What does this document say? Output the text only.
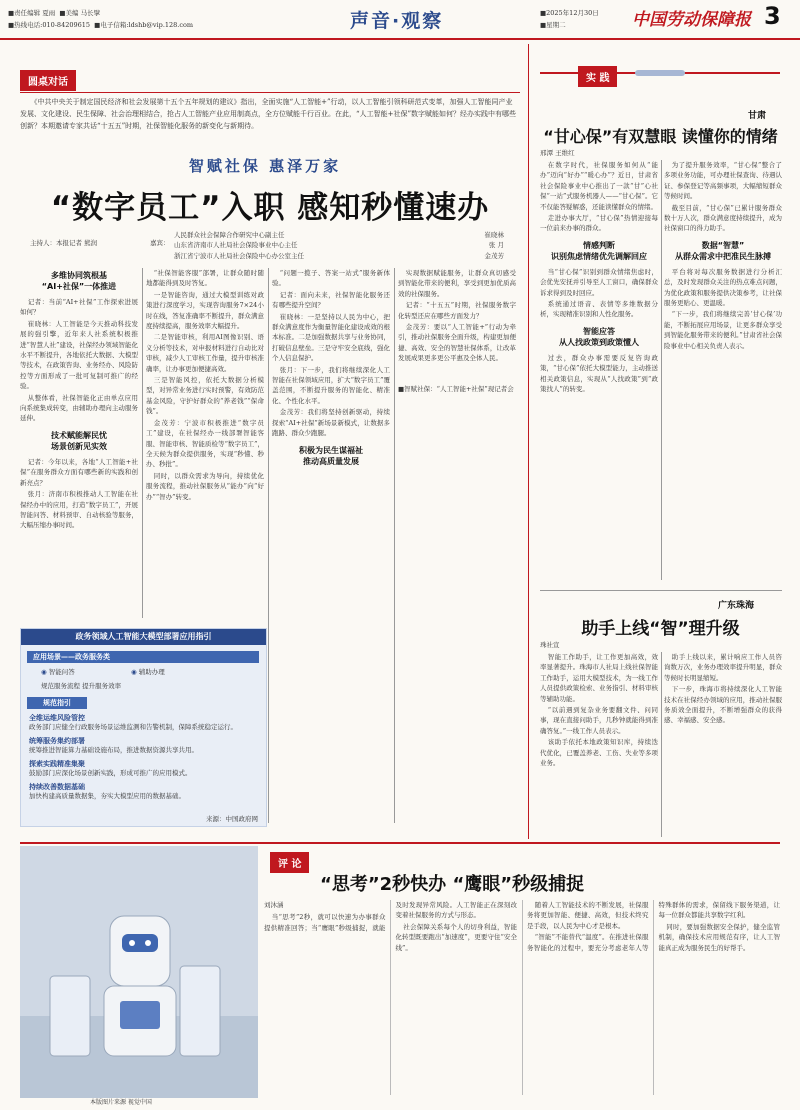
■责任编辑 夏雨 ■美编 马长擘
■热线电话:010-84209615 ■电子信箱:ldshb@vip.128.com	声音·观察	■2025年12月30日
■星期二	中国劳动保障报 3
圆桌对话
《中共中央关于制定国民经济和社会发展第十五个五年规划的建议》指出，全面实施“人工智能+”行动，以人工智能引领科研范式变革，加强人工智能同产业发展、文化建设、民生保障、社会治理相结合，抢占人工智能产业应用制高点，全方位赋能千行百业。在此，“人工智能+社保”数字赋能如何？经办实践中有哪些创新？本期邀请专家共话“十五五”时期，社保智能化服务的新变化与新期待。
智赋社保 惠泽万家
“数字员工”入职 感知秒懂速办
主持人：本报记者 熊润	嘉宾：
人民群众社会保障合作研究中心副主任	崔晓林
山东省济南市人社局社会保险事业中心主任	张 月
浙江省宁波市人社局社会保险中心办公室主任	金茂芳
多维协同筑根基
“AI+社保”一体推进

记者：当前“AI+社保”工作探索进展如何？

崔晓林：人工智能是今天推动科技发展的强引擎，近年来人社系统积极推进“智慧人社”建设，社保经办领域智能化水平不断提升，各地依托大数据、大模型等技术，在政策咨询、业务经办、风险防控等方面形成了一批可复制可推广的经验。

从整体看，社保智能化正由单点应用向系统集成转变，由辅助办理向主动服务延伸。

技术赋能解民忧
场景创新见实效

记者：今年以来，各地“人工智能+社保”在服务群众方面有哪些新的实践和创新亮点？

张月：济南市积极推动人工智能在社保经办中的应用，打造“数字员工”，开展智能问答、材料预审、自动核验等服务，大幅压缩办事时间。

“社保智能客服”部署，让群众随时随地都能得到及时答复。

一是智能咨询，通过大模型训练对政策进行深度学习，实现咨询服务7×24小时在线，答复准确率不断提升，群众满意度持续提高，服务效率大幅提升。

二是智能审核，利用AI图像识别、语义分析等技术，对申报材料进行自动比对审核，减少人工审核工作量，提升审核准确率，让办事更加便捷高效。

三是智能风控，依托大数据分析模型，对异常业务进行实时预警，有效防范基金风险，守护好群众的“养老钱”“保命钱”。

金茂芳：宁波市积极推进“数字员工”建设，在社保经办一线部署智能客服、智能审核、智能质检等“数字员工”，全天候为群众提供服务，实现“秒懂、秒办、秒批”。

同时，以群众需求为导向，持续优化服务流程，推动社保服务从“能办”向“好办”“智办”转变。

“问题一揽子、答案一站式”服务新体验。

记者：面向未来，社保智能化服务还有哪些提升空间？

崔晓林：一是坚持以人民为中心，把群众满意度作为衡量智能化建设成效的根本标准。二是加强数据共享与业务协同，打破信息壁垒。三是守牢安全底线，强化个人信息保护。

张月：下一步，我们将继续深化人工智能在社保领域应用，扩大“数字员工”覆盖范围，不断提升服务的智能化、精准化、个性化水平。

金茂芳：我们将坚持创新驱动，持续探索“AI+社保”新场景新模式，让数据多跑路、群众少跑腿。

积极为民生谋福祉
推动高质量发展

实现数据赋能服务，让群众真切感受到智能化带来的便利，享受到更加优质高效的社保服务。

记者：“十五五”时期，社保服务数字化转型还应在哪些方面发力？

金茂芳：要以“人工智能+”行动为牵引，推动社保服务全面升级，构建更加便捷、高效、安全的智慧社保体系，让改革发展成果更多更公平惠及全体人民。

■智赋社保：“人工智能+社保”现记者会
政务领域人工智能大模型部署应用指引
应用场景——政务服务类
◉ 智能问答	◉ 辅助办理
规范服务流程 提升服务效率
规范指引
全维运维风险管控
政务部门应健全行政服务场景运维监测和告警机制，保障系统稳定运行。
统筹服务集约部署
统筹推进智能算力基础设施布局，推进数据资源共享共用。
探索实践精准集聚
鼓励部门应深化场景创新实践，形成可推广的应用模式。
持续改善数据基础
加快构建高质量数据集，夯实大模型应用的数据基础。
来源：中国政府网
实 践
甘肃
“甘心保”有双慧眼 读懂你的情绪
邢潭 王维红

在数字时代，社保服务如何从“能办”迈向“好办”“暖心办”？近日，甘肃省社会保险事业中心推出了一款“甘”心社保“一站”式服务机器人——“甘心保”。它不仅能答疑解惑，还能读懂群众的情绪。

走进办事大厅，“甘心保”热情迎接每一位前来办事的群众。

情感判断
识别焦虑情绪优先调解回应

当“甘心保”识别到群众情绪焦虑时，会优先安抚并引导至人工窗口，确保群众诉求得到及时回应。

系统通过语音、表情等多维数据分析，实现精准识别和人性化服务。

智能应答
从人找政策到政策懂人

过去，群众办事需要反复咨询政策，“甘心保”依托大模型能力，主动推送相关政策信息，实现从“人找政策”到“政策找人”的转变。

为了提升服务效率，“甘心保”整合了多项业务功能，可办理社保查询、待遇认证、参保登记等高频事项，大幅缩短群众等候时间。

截至目前，“甘心保”已累计服务群众数十万人次，群众满意度持续提升，成为社保窗口的得力助手。

数据“智慧”
从群众需求中把准民生脉搏

平台将对每次服务数据进行分析汇总，及时发现群众关注的热点难点问题，为优化政策和服务提供决策参考，让社保服务更贴心、更温暖。

“下一步，我们将继续完善‘甘心保’功能，不断拓展应用场景，让更多群众享受到智能化服务带来的便利。”甘肃省社会保险事业中心相关负责人表示。

广东珠海
助手上线“智”理升级
珠社宣

智能工作助手，让工作更加高效，效率显著提升。珠海市人社局上线社保智能工作助手，运用大模型技术，为一线工作人员提供政策检索、业务指引、材料审核等辅助功能。

“以前遇到复杂业务要翻文件、问同事，现在直接问助手，几秒钟就能得到准确答复。”一线工作人员表示。

该助手依托本地政策知识库，持续迭代优化，已覆盖养老、工伤、失业等多项业务。

助手上线以来，累计响应工作人员咨询数万次，业务办理效率提升明显，群众等候时长明显缩短。

下一步，珠海市将持续深化人工智能技术在社保经办领域的应用，推动社保服务质效全面提升，不断增强群众的获得感、幸福感、安全感。

评 论
“思考”2秒快办 “鹰眼”秒级捕捉
刘沐涵

当“思考”2秒，就可以快速为办事群众提供精准回答；当“鹰眼”秒级捕捉，就能及时发现异常风险。人工智能正在深刻改变着社保服务的方式与形态。

社会保障关系每个人的切身利益，智能化转型既要跑出“加速度”，更要守住“安全线”。

随着人工智能技术的不断发展，社保服务将更加智能、便捷、高效，但技术终究是手段，以人民为中心才是根本。

“智能”不能替代“温度”。在推进社保服务智能化的过程中，要充分考虑老年人等特殊群体的需求，保留线下服务渠道，让每一位群众都能共享数字红利。

同时，要加强数据安全保护，健全监管机制，确保技术应用规范有序，让人工智能真正成为服务民生的好帮手。

本版图片来源 视觉中国
